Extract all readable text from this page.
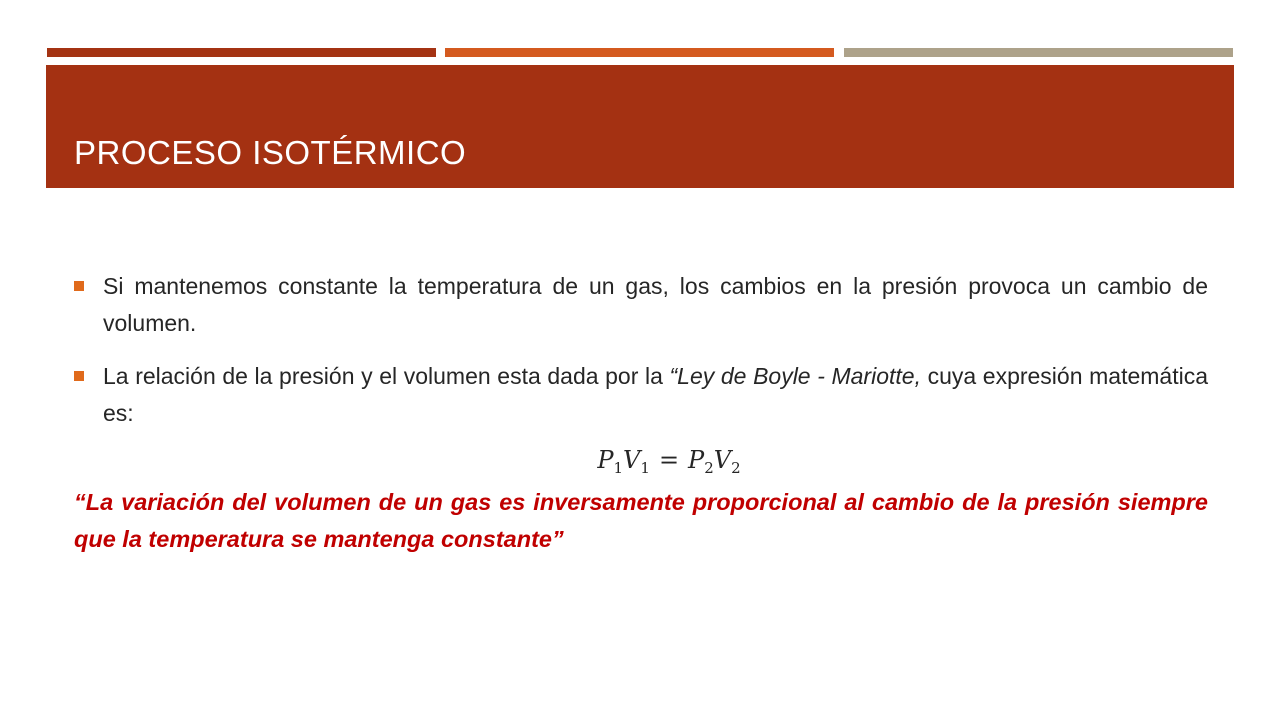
PROCESO ISOTÉRMICO
Si mantenemos constante la temperatura de un gas, los cambios en la presión provoca un cambio de volumen.
La relación de la presión y el volumen esta dada por la “Ley de Boyle - Mariotte, cuya expresión matemática es:
$P_1V_1 = P_2V_2$
“La variación del volumen de un gas es inversamente proporcional al cambio de la presión siempre que la temperatura se mantenga constante”
